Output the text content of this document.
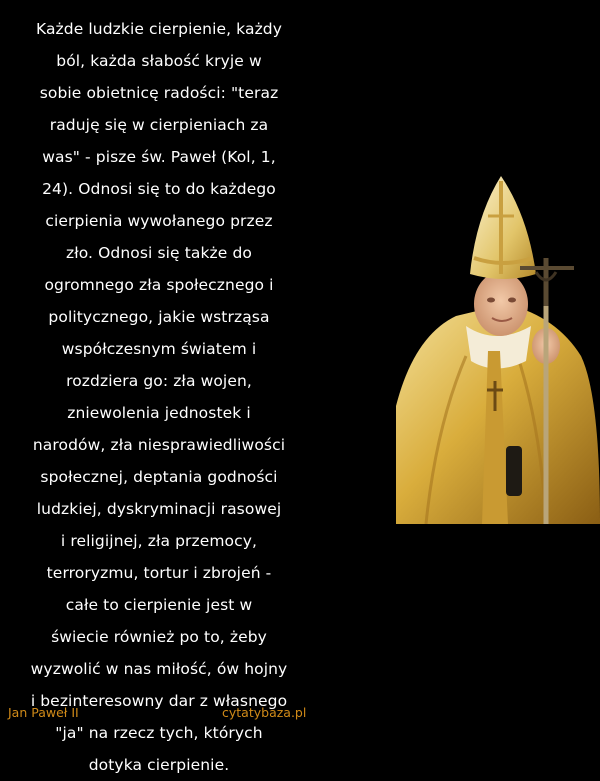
Każde ludzkie cierpienie, każdy
ból, każda słabość kryje w
sobie obietnicę radości: "teraz
raduję się w cierpieniach za
was" - pisze św. Paweł (Kol, 1,
24). Odnosi się to do każdego
cierpienia wywołanego przez
zło. Odnosi się także do
ogromnego zła społecznego i
politycznego, jakie wstrząsa
współczesnym światem i
rozdziera go: zła wojen,
zniewolenia jednostek i
narodów, zła niesprawiedliwości
społecznej, deptania godności
ludzkiej, dyskryminacji rasowej
i religijnej, zła przemocy,
terroryzmu, tortur i zbrojeń -
całe to cierpienie jest w
świecie również po to, żeby
wyzwolić w nas miłość, ów hojny
i bezinteresowny dar z własnego
"ja" na rzecz tych, których
dotyka cierpienie.
Jan Paweł II	cytatybaza.pl
